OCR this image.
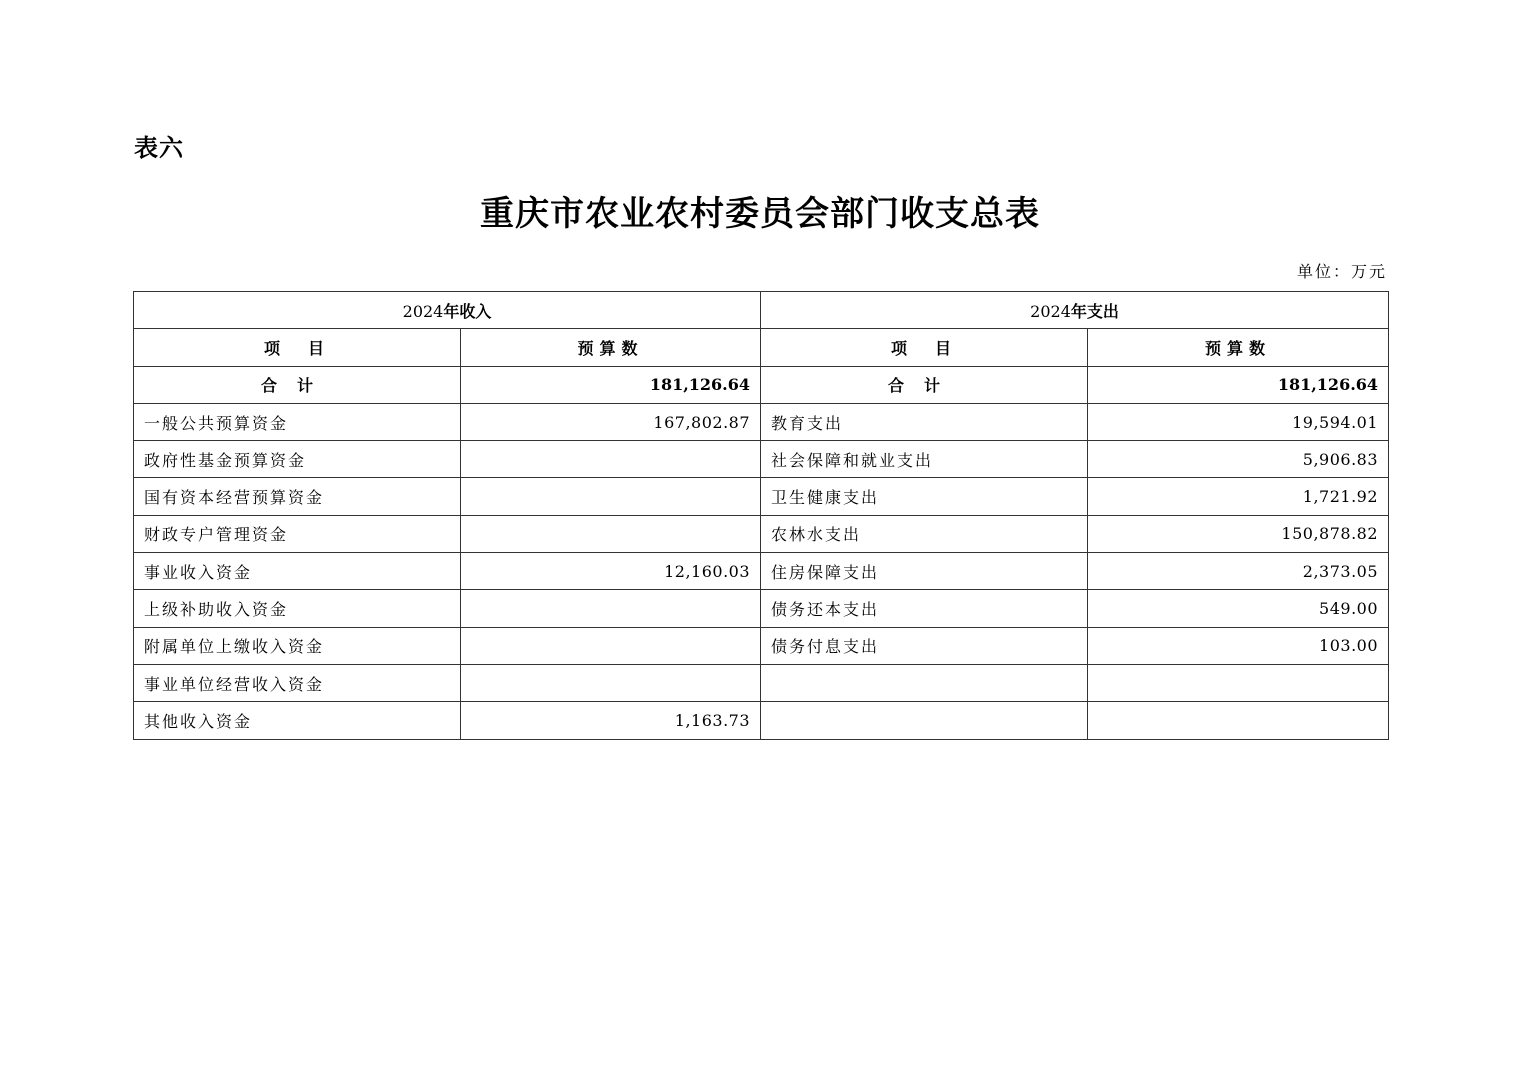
表六
重庆市农业农村委员会部门收支总表
单位：万元
2024年收入		2024年支出	
项　目	预算数	项　目	预算数
合计	181,126.64	合计	181,126.64
一般公共预算资金	167,802.87	教育支出	19,594.01
政府性基金预算资金		社会保障和就业支出	5,906.83
国有资本经营预算资金		卫生健康支出	1,721.92
财政专户管理资金		农林水支出	150,878.82
事业收入资金	12,160.03	住房保障支出	2,373.05
上级补助收入资金		债务还本支出	549.00
附属单位上缴收入资金		债务付息支出	103.00
事业单位经营收入资金			
其他收入资金	1,163.73		
